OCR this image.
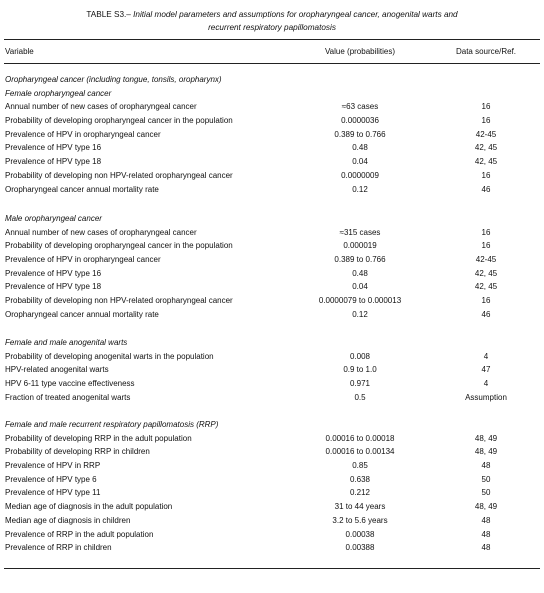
TABLE S3.– Initial model parameters and assumptions for oropharyngeal cancer, anogenital warts and
recurrent respiratory papillomatosis
Variable	Value (probabilities)	Data source/Ref.
Oropharyngeal cancer (including tongue, tonsils, oropharynx)
Female oropharyngeal cancer
Annual number of new cases of oropharyngeal cancer	≈63 cases	16
Probability of developing oropharyngeal cancer in the population	0.0000036	16
Prevalence of HPV in oropharyngeal cancer	0.389 to 0.766	42-45
Prevalence of HPV type 16	0.48	42, 45
Prevalence of HPV type 18	0.04	42, 45
Probability of developing non HPV-related oropharyngeal cancer	0.0000009	16
Oropharyngeal cancer annual mortality rate	0.12	46
Male oropharyngeal cancer
Annual number of new cases of oropharyngeal cancer	≈315 cases	16
Probability of developing oropharyngeal cancer in the population	0.000019	16
Prevalence of HPV in oropharyngeal cancer	0.389 to 0.766	42-45
Prevalence of HPV type 16	0.48	42, 45
Prevalence of HPV type 18	0.04	42, 45
Probability of developing non HPV-related oropharyngeal cancer	0.0000079 to 0.000013	16
Oropharyngeal cancer annual mortality rate	0.12	46
Female and male anogenital warts
Probability of developing anogenital warts in the population	0.008	4
HPV-related anogenital warts	0.9 to 1.0	47
HPV 6-11 type vaccine effectiveness	0.971	4
Fraction of treated anogenital warts	0.5	Assumption
Female and male recurrent respiratory papillomatosis (RRP)
Probability of developing RRP in the adult population	0.00016 to 0.00018	48, 49
Probability of developing RRP in children	0.00016 to 0.00134	48, 49
Prevalence of HPV in RRP	0.85	48
Prevalence of HPV type 6	0.638	50
Prevalence of HPV type 11	0.212	50
Median age of diagnosis in the adult population	31 to 44 years	48, 49
Median age of diagnosis in children	3.2 to 5.6 years	48
Prevalence of RRP in the adult population	0.00038	48
Prevalence of RRP in children	0.00388	48
